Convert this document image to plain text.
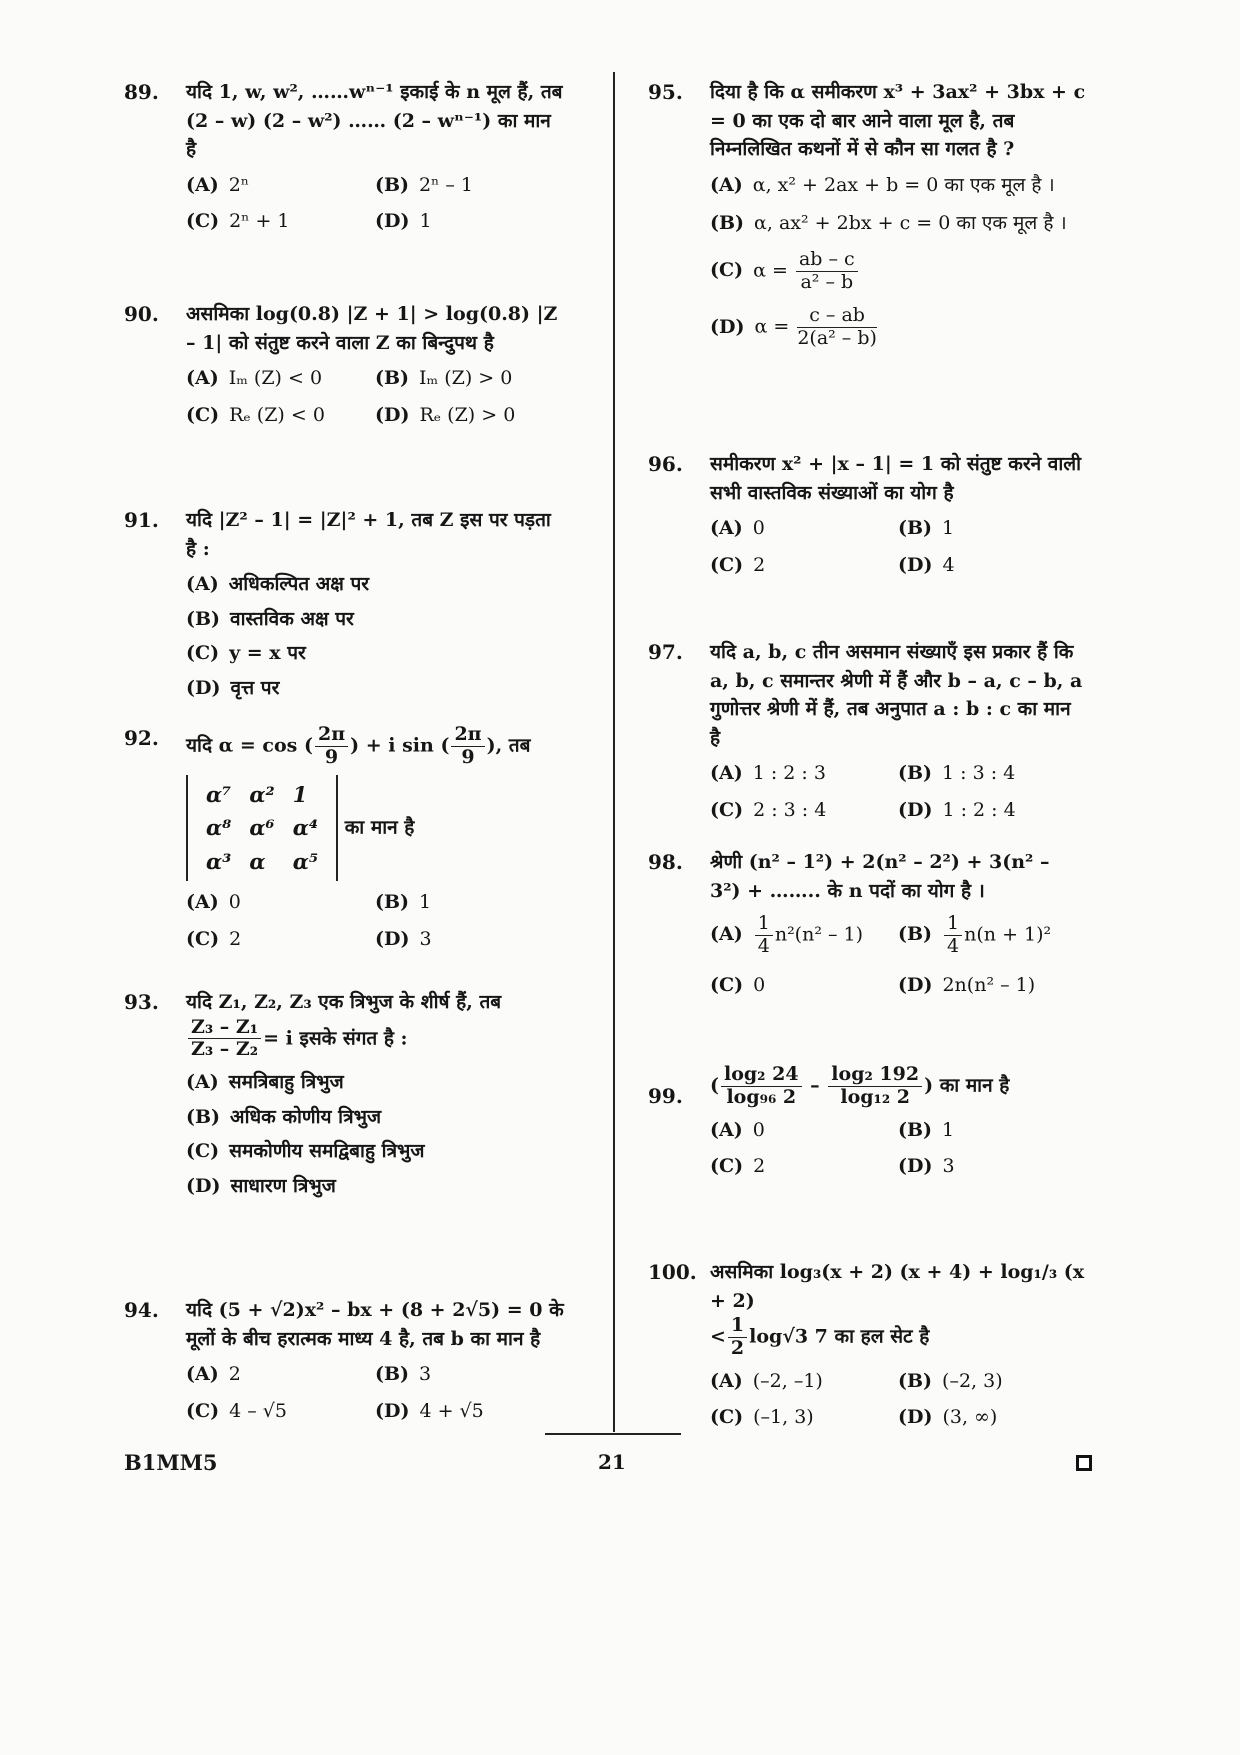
89.	यदि 1, w, w², ……wⁿ⁻¹ इकाई के n मूल हैं, तब (2 – w) (2 – w²) …… (2 – wⁿ⁻¹) का मान है
(A) 2ⁿ	(B) 2ⁿ – 1
(C) 2ⁿ + 1	(D) 1
90.	असमिका log(0.8) |Z + 1| > log(0.8) |Z – 1| को संतुष्ट करने वाला Z का बिन्दुपथ है
(A) Iₘ (Z) < 0	(B) Iₘ (Z) > 0
(C) Rₑ (Z) < 0	(D) Rₑ (Z) > 0
91.	यदि |Z² – 1| = |Z|² + 1, तब Z इस पर पड़ता है :
(A) अधिकल्पित अक्ष पर
(B) वास्तविक अक्ष पर
(C) y = x पर
(D) वृत्त पर
92.	यदि α = cos ( $\frac{2\pi}{9}$ ) + i sin ( $\frac{2\pi}{9}$ ), तब
α⁷	α²	1
α⁸	α⁶	α⁴
α³	α	α⁵ का मान है
(A) 0	(B) 1
(C) 2	(D) 3
93.	यदि Z₁, Z₂, Z₃ एक त्रिभुज के शीर्ष हैं, तब

$\frac{\text{Z₃ – Z₁}}{\text{Z₃ – Z₂}} = i$ इसके संगत है :
(A) समत्रिबाहु त्रिभुज
(B) अधिक कोणीय त्रिभुज
(C) समकोणीय समद्विबाहु त्रिभुज
(D) साधारण त्रिभुज
94.	यदि (5 + √2)x² – bx + (8 + 2√5) = 0 के मूलों के बीच हरात्मक माध्य 4 है, तब b का मान है
(A) 2	(B) 3
(C) 4 – √5	(D) 4 + √5
95.	दिया है कि α समीकरण x³ + 3ax² + 3bx + c = 0 का एक दो बार आने वाला मूल है, तब निम्नलिखित कथनों में से कौन सा गलत है ?
(A) α, x² + 2ax + b = 0 का एक मूल है ।
(B) α, ax² + 2bx + c = 0 का एक मूल है ।
(C) $\alpha = \frac{ab - c}{\text{a² – b}}$
(D) $\alpha = \frac{c - ab}{\text{2(a² – b)}}$
96.	समीकरण x² + |x – 1| = 1 को संतुष्ट करने वाली सभी वास्तविक संख्याओं का योग है
(A) 0	(B) 1
(C) 2	(D) 4
97.	यदि a, b, c तीन असमान संख्याएँ इस प्रकार हैं कि a, b, c समान्तर श्रेणी में हैं और b – a, c – b, a गुणोत्तर श्रेणी में हैं, तब अनुपात a : b : c का मान है
(A) 1 : 2 : 3	(B) 1 : 3 : 4
(C) 2 : 3 : 4	(D) 1 : 2 : 4
98.	श्रेणी (n² – 1²) + 2(n² – 2²) + 3(n² – 3²) + …….. के n पदों का योग है ।
$(A) \frac{1}{4} n^2(n^2 - 1)$	$(B) \frac{1}{4} n(n + 1)^2$
(C) 0	(D) 2n(n² – 1)
99.	( $\frac{\text{log₂ 24}}{\text{log₉₆ 2}} - \frac{\text{log₂ 192}}{\text{log₁₂ 2}}$ ) का मान है
(A) 0	(B) 1
(C) 2	(D) 3
100. असमिका log₃(x + 2) (x + 4) + log₁/₃ (x + 2)
< $\frac{1}{2} \log√3$ 7 का हल सेट है
(A) (–2, –1)	(B) (–2, 3)
(C) (–1, 3)	(D) (3, ∞)
B1MM5	21
